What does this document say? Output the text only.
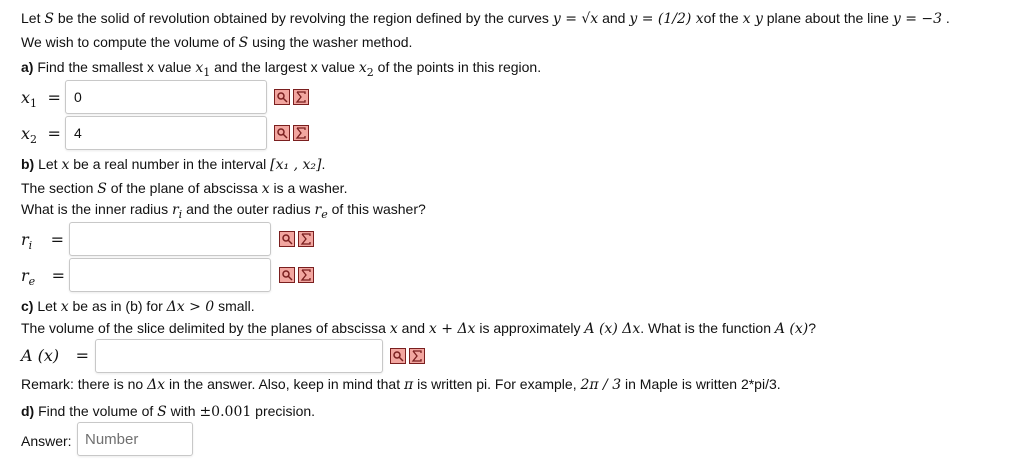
Let S be the solid of revolution obtained by revolving the region defined by the curves y = √x and y = (1/2) xof the x y plane about the line y = −3 .
We wish to compute the volume of S using the washer method.
a) Find the smallest x value $x_1$ and the largest x value $x_2$ of the points in this region.
$x_1 = 0$
$x_2 = 4$
b) Let x be a real number in the interval [x₁ , x₂].
The section S of the plane of abscissa x is a washer.
What is the inner radius $r_i$ and the outer radius $r_e$ of this washer?
$r_i$ =
$r_e$ =
c) Let x be as in (b) for Δx > 0 small.
The volume of the slice delimited by the planes of abscissa x and x + Δx is approximately A (x) Δx. What is the function A (x)?
A (x) =
Remark: there is no Δx in the answer. Also, keep in mind that π is written pi. For example, 2π / 3 in Maple is written 2*pi/3.
d) Find the volume of S with ±0.001 precision.
Answer: Number
